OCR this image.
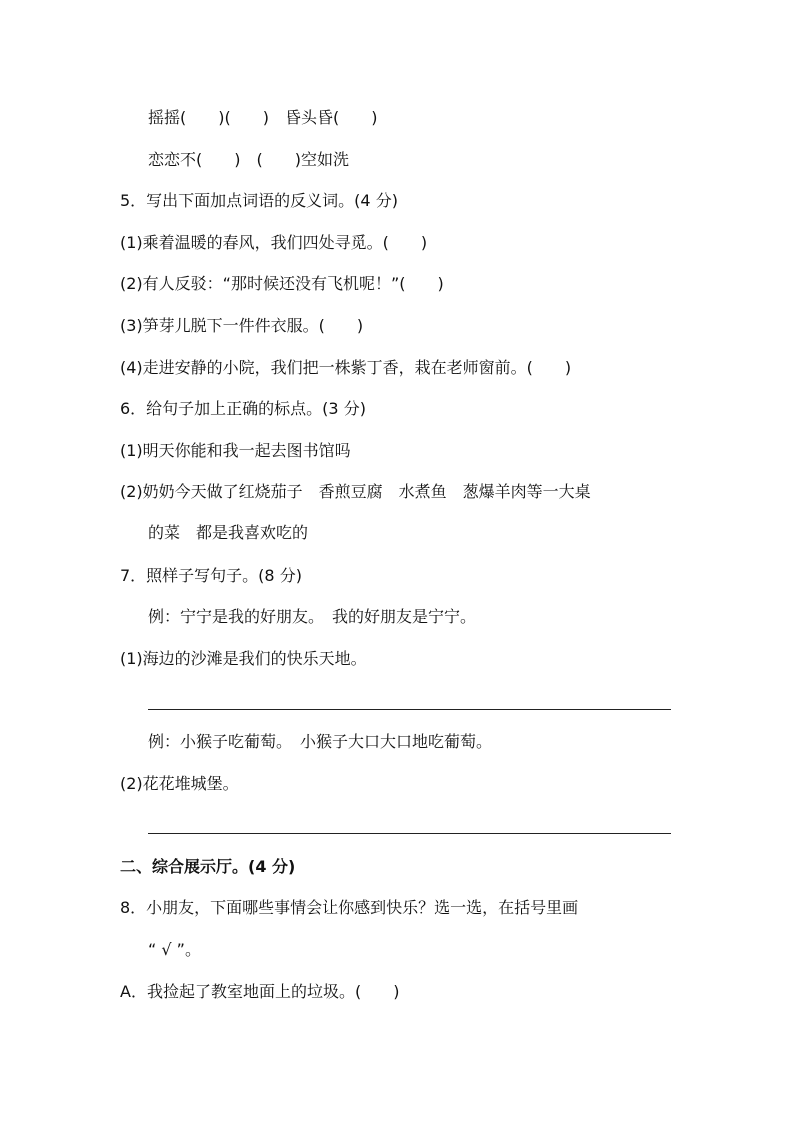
摇摇(　　)(　　)　昏头昏(　　)
恋恋不(　　)　(　　)空如洗
5．写出下面加点词语的反义词。(4 分)
(1)乘着温暖的春风，我们四处寻觅。(　　)
(2)有人反驳：“那时候还没有飞机呢！”(　　)
(3)笋芽儿脱下一件件衣服。(　　)
(4)走进安静的小院，我们把一株紫丁香，栽在老师窗前。(　　)
6．给句子加上正确的标点。(3 分)
(1)明天你能和我一起去图书馆吗
(2)奶奶今天做了红烧茄子　香煎豆腐　水煮鱼　葱爆羊肉等一大桌
的菜　都是我喜欢吃的
7．照样子写句子。(8 分)
例：宁宁是我的好朋友。　我的好朋友是宁宁。
(1)海边的沙滩是我们的快乐天地。
例：小猴子吃葡萄。　小猴子大口大口地吃葡萄。
(2)花花堆城堡。
二、综合展示厅。(4 分)
8．小朋友，下面哪些事情会让你感到快乐？选一选，在括号里画
“ √ ”。
A．我捡起了教室地面上的垃圾。(　　)
